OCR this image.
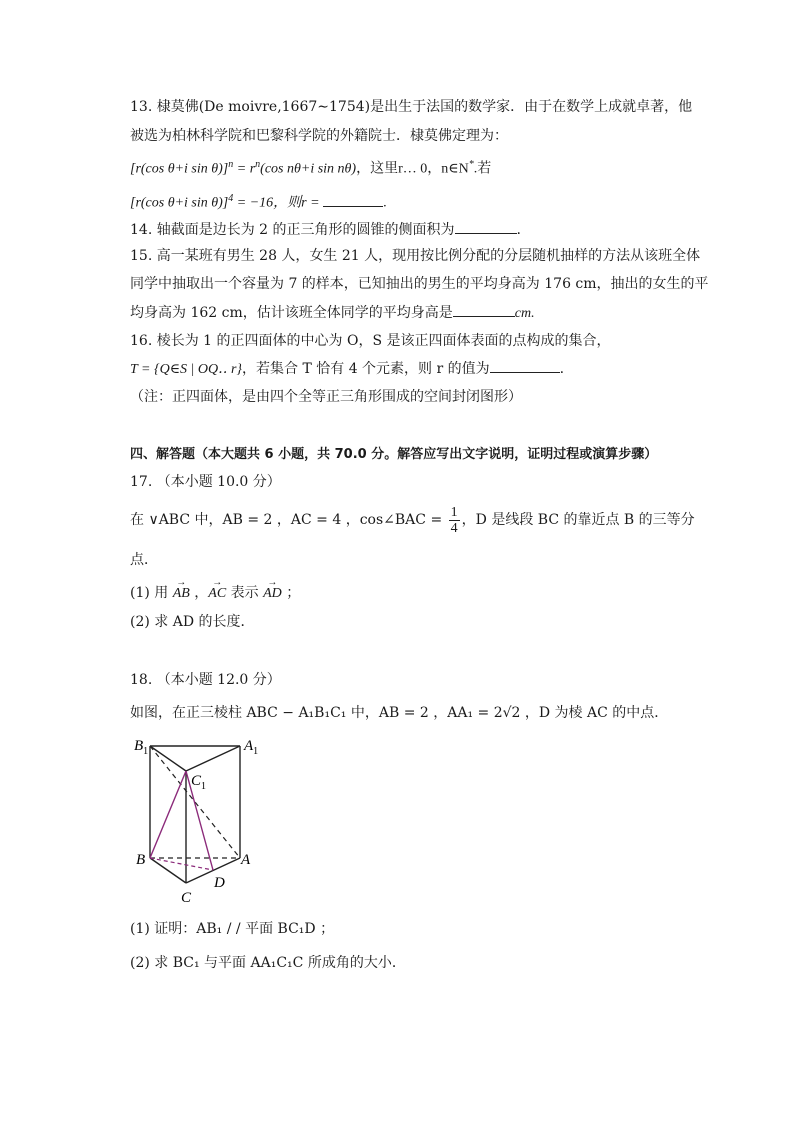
13. 棣莫佛(De moivre,1667∼1754)是出生于法国的数学家．由于在数学上成就卓著，他
被选为柏林科学院和巴黎科学院的外籍院士．棣莫佛定理为：
[r(cos θ+i $\sin \theta)]^n = r^n(\cos$ nθ+i sin nθ)，这里r… 0，n∈N*.若
[r(cos θ+i sin θ)]$^4$ = −16，则r =	.
14. 轴截面是边长为 2 的正三角形的圆锥的侧面积为	.
15. 高一某班有男生 28 人，女生 21 人，现用按比例分配的分层随机抽样的方法从该班全体
同学中抽取出一个容量为 7 的样本，已知抽出的男生的平均身高为 176 cm，抽出的女生的平
均身高为 162 cm，估计该班全体同学的平均身高是	cm.
16. 棱长为 1 的正四面体的中心为 O，S 是该正四面体表面的点构成的集合，
T = {Q∈S | OQ‥ r}，若集合 T 恰有 4 个元素，则 r 的值为	.
（注：正四面体，是由四个全等正三角形围成的空间封闭图形）
四、解答题（本大题共 6 小题，共 70.0 分。解答应写出文字说明，证明过程或演算步骤）
17. （本小题 10.0 分）
在 ∨ABC 中，AB = 2 ，AC = 4 ，cos∠BAC = $\frac{1}{4}$ ，D 是线段 BC 的靠近点 B 的三等分
点．
(1) 用 → AB ，→ AC 表示 → AD ；
(2) 求 AD 的长度．
18. （本小题 12.0 分）
如图，在正三棱柱 ABC − A₁B₁C₁ 中，AB = 2 ，AA₁ = 2√2 ，D 为棱 AC 的中点．
$B_1$	$A_1$
$C_1$
B	A
D
C
(1) 证明：AB₁ / / 平面 BC₁D ；
(2) 求 BC₁ 与平面 AA₁C₁C 所成角的大小．
